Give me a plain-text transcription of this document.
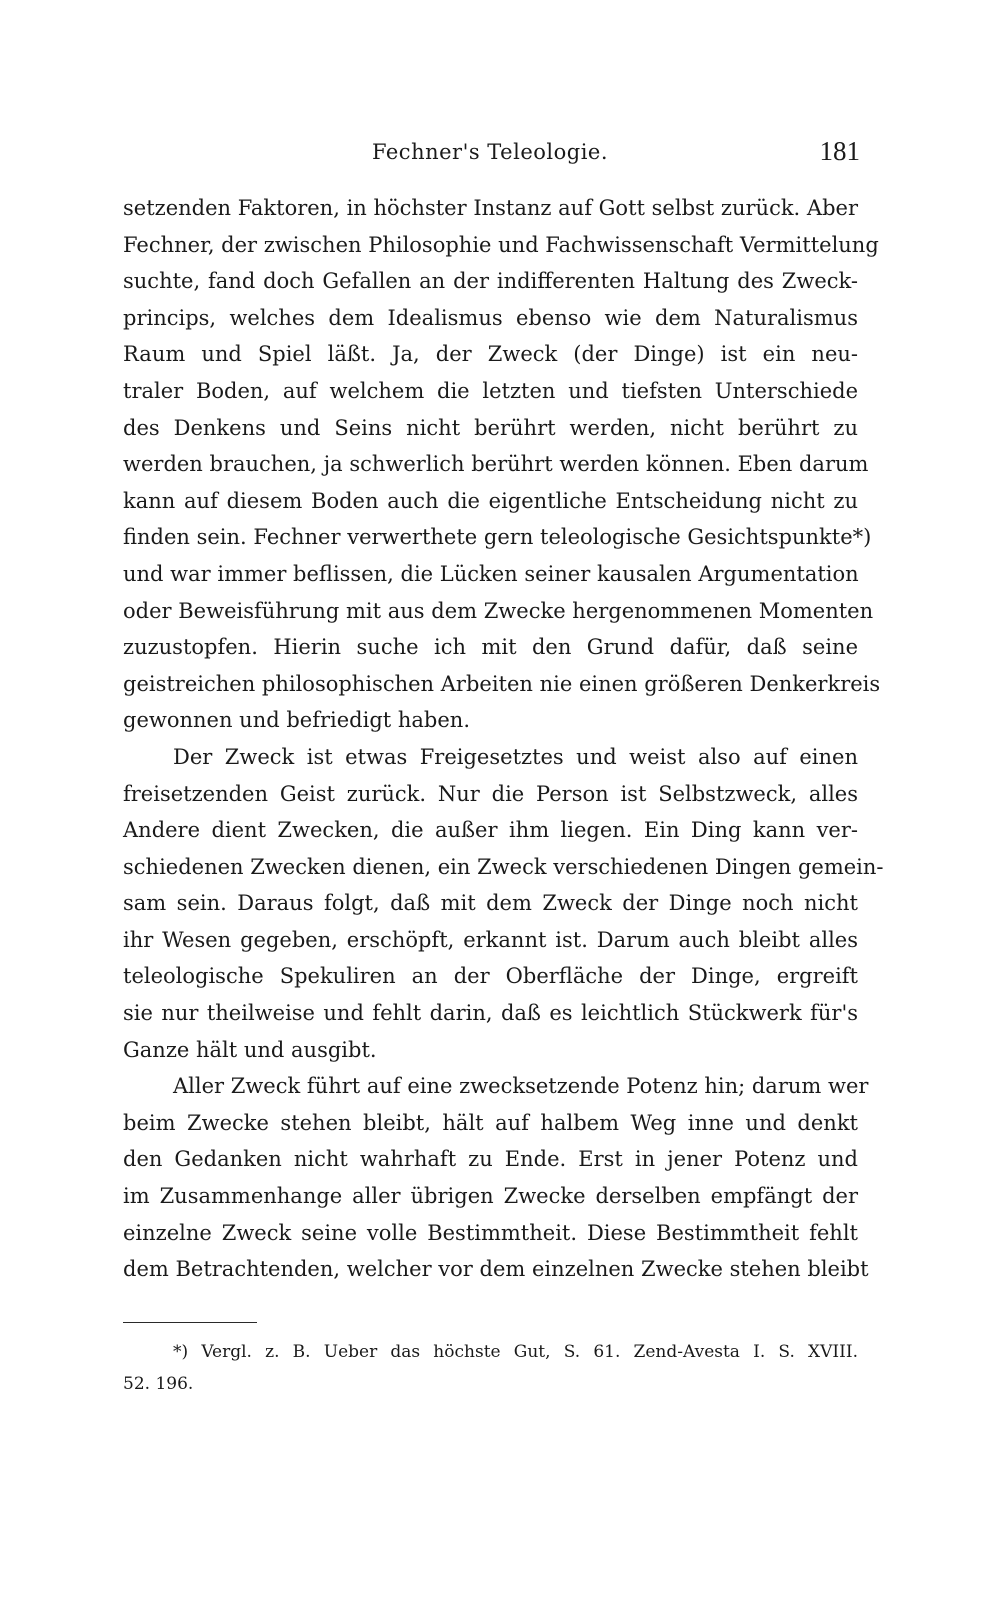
Fechner's Teleologie.	181
setzenden Faktoren, in höchster Instanz auf Gott selbst zurück. Aber
Fechner, der zwischen Philosophie und Fachwissenschaft Vermittelung
suchte, fand doch Gefallen an der indifferenten Haltung des Zweck-
princips, welches dem Idealismus ebenso wie dem Naturalismus
Raum und Spiel läßt. Ja, der Zweck (der Dinge) ist ein neu-
traler Boden, auf welchem die letzten und tiefsten Unterschiede
des Denkens und Seins nicht berührt werden, nicht berührt zu
werden brauchen, ja schwerlich berührt werden können. Eben darum
kann auf diesem Boden auch die eigentliche Entscheidung nicht zu
finden sein. Fechner verwerthete gern teleologische Gesichtspunkte*)
und war immer beflissen, die Lücken seiner kausalen Argumentation
oder Beweisführung mit aus dem Zwecke hergenommenen Momenten
zuzustopfen. Hierin suche ich mit den Grund dafür, daß seine
geistreichen philosophischen Arbeiten nie einen größeren Denkerkreis
gewonnen und befriedigt haben.
Der Zweck ist etwas Freigesetztes und weist also auf einen
freisetzenden Geist zurück. Nur die Person ist Selbstzweck, alles
Andere dient Zwecken, die außer ihm liegen. Ein Ding kann ver-
schiedenen Zwecken dienen, ein Zweck verschiedenen Dingen gemein-
sam sein. Daraus folgt, daß mit dem Zweck der Dinge noch nicht
ihr Wesen gegeben, erschöpft, erkannt ist. Darum auch bleibt alles
teleologische Spekuliren an der Oberfläche der Dinge, ergreift
sie nur theilweise und fehlt darin, daß es leichtlich Stückwerk für's
Ganze hält und ausgibt.
Aller Zweck führt auf eine zwecksetzende Potenz hin; darum wer
beim Zwecke stehen bleibt, hält auf halbem Weg inne und denkt
den Gedanken nicht wahrhaft zu Ende. Erst in jener Potenz und
im Zusammenhange aller übrigen Zwecke derselben empfängt der
einzelne Zweck seine volle Bestimmtheit. Diese Bestimmtheit fehlt
dem Betrachtenden, welcher vor dem einzelnen Zwecke stehen bleibt
*) Vergl. z. B. Ueber das höchste Gut, S. 61. Zend-Avesta I. S. XVIII.
52. 196.
